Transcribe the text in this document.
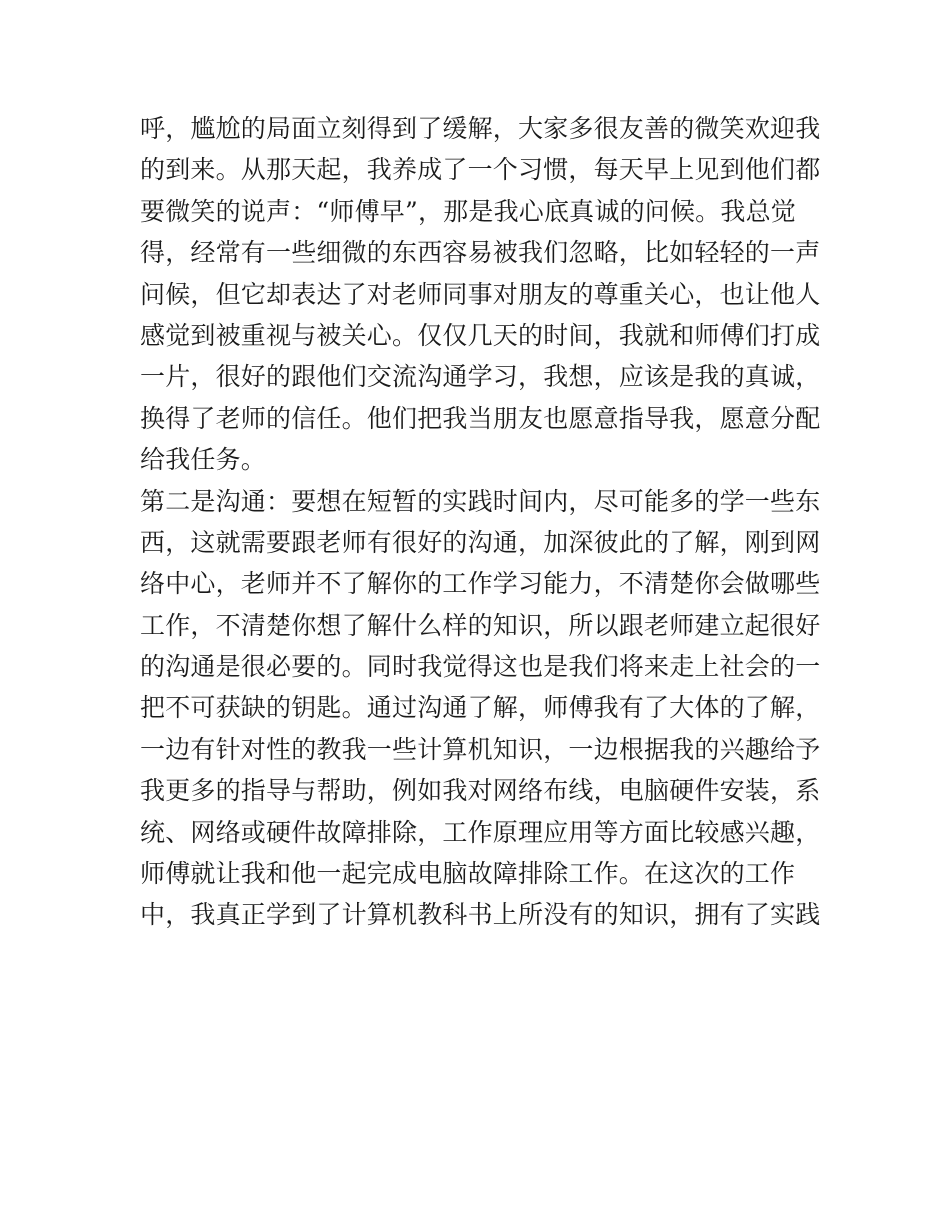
呼，尴尬的局面立刻得到了缓解，大家多很友善的微笑欢迎我
的到来。从那天起，我养成了一个习惯，每天早上见到他们都
要微笑的说声：“师傅早”，那是我心底真诚的问候。我总觉
得，经常有一些细微的东西容易被我们忽略，比如轻轻的一声
问候，但它却表达了对老师同事对朋友的尊重关心，也让他人
感觉到被重视与被关心。仅仅几天的时间，我就和师傅们打成
一片，很好的跟他们交流沟通学习，我想，应该是我的真诚，
换得了老师的信任。他们把我当朋友也愿意指导我，愿意分配
给我任务。
第二是沟通：要想在短暂的实践时间内，尽可能多的学一些东
西，这就需要跟老师有很好的沟通，加深彼此的了解，刚到网
络中心，老师并不了解你的工作学习能力，不清楚你会做哪些
工作，不清楚你想了解什么样的知识，所以跟老师建立起很好
的沟通是很必要的。同时我觉得这也是我们将来走上社会的一
把不可获缺的钥匙。通过沟通了解，师傅我有了大体的了解，
一边有针对性的教我一些计算机知识，一边根据我的兴趣给予
我更多的指导与帮助，例如我对网络布线，电脑硬件安装，系
统、网络或硬件故障排除，工作原理应用等方面比较感兴趣，
师傅就让我和他一起完成电脑故障排除工作。在这次的工作
中，我真正学到了计算机教科书上所没有的知识，拥有了实践
